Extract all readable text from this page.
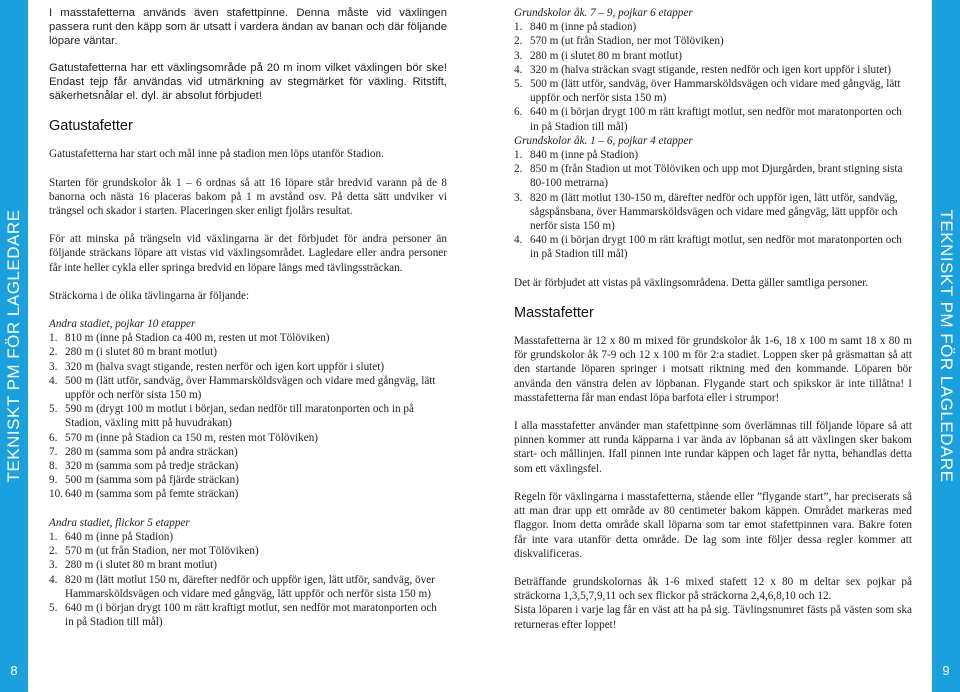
TEKNISKT PM FÖR LAGLEDARE
8
TEKNISKT PM FÖR LAGLEDARE
9

I masstafetterna används även stafettpinne. Denna måste vid växlingen passera runt den käpp som är utsatt i vardera ändan av banan och där följande löpare väntar.

Gatustafetterna har ett växlingsområde på 20 m inom vilket växlingen bör ske! Endast tejp får användas vid utmärkning av stegmärket för växling. Ritstift, säkerhetsnålar el. dyl. är absolut förbjudet!

Gatustafetter

Gatustafetterna har start och mål inne på stadion men löps utanför Stadion.

Starten för grundskolor åk 1 – 6 ordnas så att 16 löpare står bredvid varann på de 8 banorna och nästa 16 placeras bakom på 1 m avstånd osv. På detta sätt undviker vi trängsel och skador i starten. Placeringen sker enligt fjolårs resultat.

För att minska på trängseln vid växlingarna är det förbjudet för andra personer än följande sträckans löpare att vistas vid växlingsområdet. Lagledare eller andra personer får inte heller cykla eller springa bredvid en löpare längs med tävlingssträckan.

Sträckorna i de olika tävlingarna är följande:

Andra stadiet, pojkar 10 etapper

1. 810 m (inne på Stadion ca 400 m, resten ut mot Tölöviken)
2. 280 m (i slutet 80 m brant motlut)
3. 320 m (halva svagt stigande, resten nerför och igen kort uppför i slutet)
4. 500 m (lätt utför, sandväg, över Hammarsköldsvägen och vidare med gångväg, lätt uppför och nerför sista 150 m)
5. 590 m (drygt 100 m motlut i början, sedan nedför till maratonporten och in på Stadion, växling mitt på huvudrakan)
6. 570 m (inne på Stadion ca 150 m, resten mot Tölöviken)
7. 280 m (samma som på andra sträckan)
8. 320 m (samma som på tredje sträckan)
9. 500 m (samma som på fjärde sträckan)
10. 640 m (samma som på femte sträckan)

Andra stadiet, flickor 5 etapper

1. 640 m (inne på Stadion)
2. 570 m (ut från Stadion, ner mot Tölöviken)
3. 280 m (i slutet 80 m brant motlut)
4. 820 m (lätt motlut 150 m, därefter nedför och uppför igen, lätt utför, sandväg, över Hammarsköldsvägen och vidare med gångväg, lätt uppför och nerför sista 150 m)
5. 640 m (i början drygt 100 m rätt kraftigt motlut, sen nedför mot maratonporten och in på Stadion till mål)

Grundskolor åk. 7 – 9, pojkar 6 etapper

1. 840 m (inne på stadion)
2. 570 m (ut från Stadion, ner mot Tölöviken)
3. 280 m (i slutet 80 m brant motlut)
4. 320 m (halva sträckan svagt stigande, resten nedför och igen kort uppför i slutet)
5. 500 m (lätt utför, sandväg, över Hammarsköldsvägen och vidare med gångväg, lätt uppför och nerför sista 150 m)
6. 640 m (i början drygt 100 m rätt kraftigt motlut, sen nedför mot maratonporten och in på Stadion till mål)

Grundskolor åk. 1 – 6, pojkar 4 etapper

1. 840 m (inne på Stadion)
2. 850 m (från Stadion ut mot Tölöviken och upp mot Djurgården, brant stigning sista 80-100 metrarna)
3. 820 m (lätt motlut 130-150 m, därefter nedför och uppför igen, lätt utför, sandväg, sågspånsbana, över Hammarsköldsvägen och vidare med gångväg, lätt uppför och nerför sista 150 m)
4. 640 m (i början drygt 100 m rätt kraftigt motlut, sen nedför mot maratonporten och in på Stadion till mål)

Det är förbjudet att vistas på växlingsområdena. Detta gäller samtliga personer.

Masstafetter

Masstafetterna är 12 x 80 m mixed för grundskolor åk 1-6, 18 x 100 m samt 18 x 80 m för grundskolor åk 7-9 och 12 x 100 m för 2:a stadiet. Loppen sker på gräsmattan så att den startande löparen springer i motsatt riktning med den kommande. Löparen bör använda den vänstra delen av löpbanan. Flygande start och spikskor är inte tillåtna! I masstafetterna får man endast löpa barfota eller i strumpor!

I alla masstafetter använder man stafettpinne som överlämnas till följande löpare så att pinnen kommer att runda käpparna i var ända av löpbanan så att växlingen sker bakom start- och mållinjen. Ifall pinnen inte rundar käppen och laget får nytta, behandlas detta som ett växlingsfel.

Regeln för växlingarna i masstafetterna, stående eller ”flygande start”, har preciserats så att man drar upp ett område av 80 centimeter bakom käppen. Området markeras med flaggor. Inom detta område skall löparna som tar emot stafettpinnen vara. Bakre foten får inte vara utanför detta område. De lag som inte följer dessa regler kommer att diskvalificeras.

Beträffande grundskolornas åk 1-6 mixed stafett 12 x 80 m deltar sex pojkar på sträckorna 1,3,5,7,9,11 och sex flickor på sträckorna 2,4,6,8,10 och 12.

Sista löparen i varje lag får en väst att ha på sig. Tävlingsnumret fästs på västen som ska returneras efter loppet!
